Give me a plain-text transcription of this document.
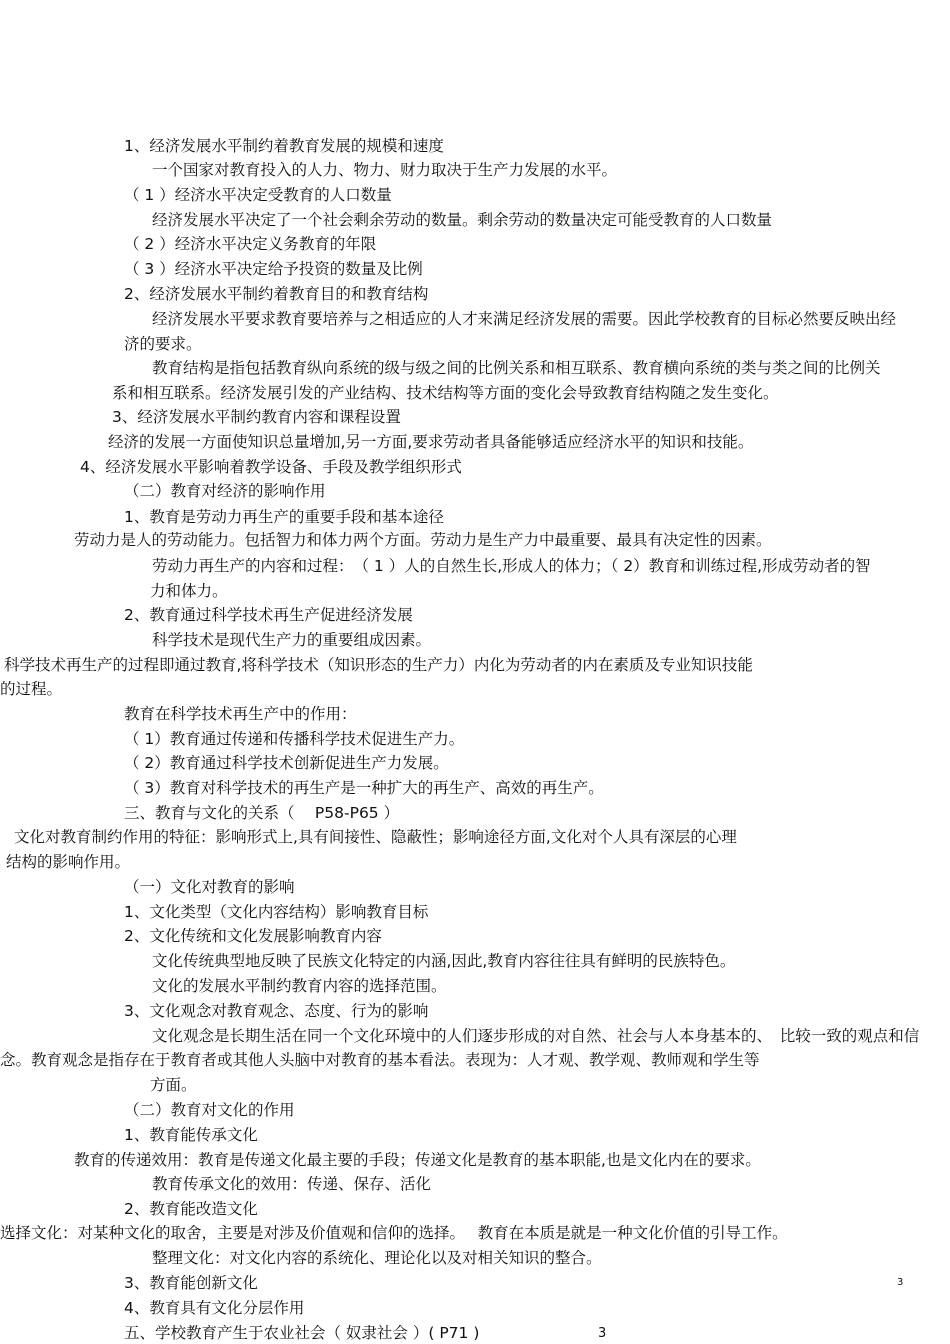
1、经济发展水平制约着教育发展的规模和速度
一个国家对教育投入的人力、物力、财力取决于生产力发展的水平。
（ 1 ）经济水平决定受教育的人口数量
经济发展水平决定了一个社会剩余劳动的数量。剩余劳动的数量决定可能受教育的人口数量
（ 2 ）经济水平决定义务教育的年限
（ 3 ）经济水平决定给予投资的数量及比例
2、经济发展水平制约着教育目的和教育结构
经济发展水平要求教育要培养与之相适应的人才来满足经济发展的需要。因此学校教育的目标必然要反映出经
济的要求。
教育结构是指包括教育纵向系统的级与级之间的比例关系和相互联系、教育横向系统的类与类之间的比例关
系和相互联系。经济发展引发的产业结构、技术结构等方面的变化会导致教育结构随之发生变化。
3、经济发展水平制约教育内容和课程设置
经济的发展一方面使知识总量增加,另一方面,要求劳动者具备能够适应经济水平的知识和技能。
4、经济发展水平影响着教学设备、手段及教学组织形式
（二）教育对经济的影响作用
1、教育是劳动力再生产的重要手段和基本途径
劳动力是人的劳动能力。包括智力和体力两个方面。劳动力是生产力中最重要、最具有决定性的因素。
劳动力再生产的内容和过程：　（ 1 ）人的自然生长,形成人的体力；（ 2）教育和训练过程,形成劳动者的智
力和体力。
2、教育通过科学技术再生产促进经济发展
科学技术是现代生产力的重要组成因素。
科学技术再生产的过程即通过教育,将科学技术（知识形态的生产力）内化为劳动者的内在素质及专业知识技能
的过程。
教育在科学技术再生产中的作用：
（ 1）教育通过传递和传播科学技术促进生产力。
（ 2）教育通过科学技术创新促进生产力发展。
（ 3）教育对科学技术的再生产是一种扩大的再生产、高效的再生产。
三、教育与文化的关系（　 P58-P65 ）
文化对教育制约作用的特征：影响形式上,具有间接性、隐蔽性；影响途径方面,文化对个人具有深层的心理
结构的影响作用。
（一）文化对教育的影响
1、文化类型（文化内容结构）影响教育目标
2、文化传统和文化发展影响教育内容
文化传统典型地反映了民族文化特定的内涵,因此,教育内容往往具有鲜明的民族特色。
文化的发展水平制约教育内容的选择范围。
3、文化观念对教育观念、态度、行为的影响
文化观念是长期生活在同一个文化环境中的人们逐步形成的对自然、社会与人本身基本的、　比较一致的观点和信
念。教育观念是指存在于教育者或其他人头脑中对教育的基本看法。表现为：人才观、教学观、教师观和学生等
方面。
（二）教育对文化的作用
1、教育能传承文化
教育的传递效用：教育是传递文化最主要的手段；传递文化是教育的基本职能,也是文化内在的要求。
教育传承文化的效用：传递、保存、活化
2、教育能改造文化
选择文化：对某种文化的取舍，主要是对涉及价值观和信仰的选择。　 教育在本质是就是一种文化价值的引导工作。
整理文化：对文化内容的系统化、理论化以及对相关知识的整合。
3、教育能创新文化
4、教育具有文化分层作用
五、学校教育产生于农业社会（ 奴隶社会 ）( P71 )
3
3
